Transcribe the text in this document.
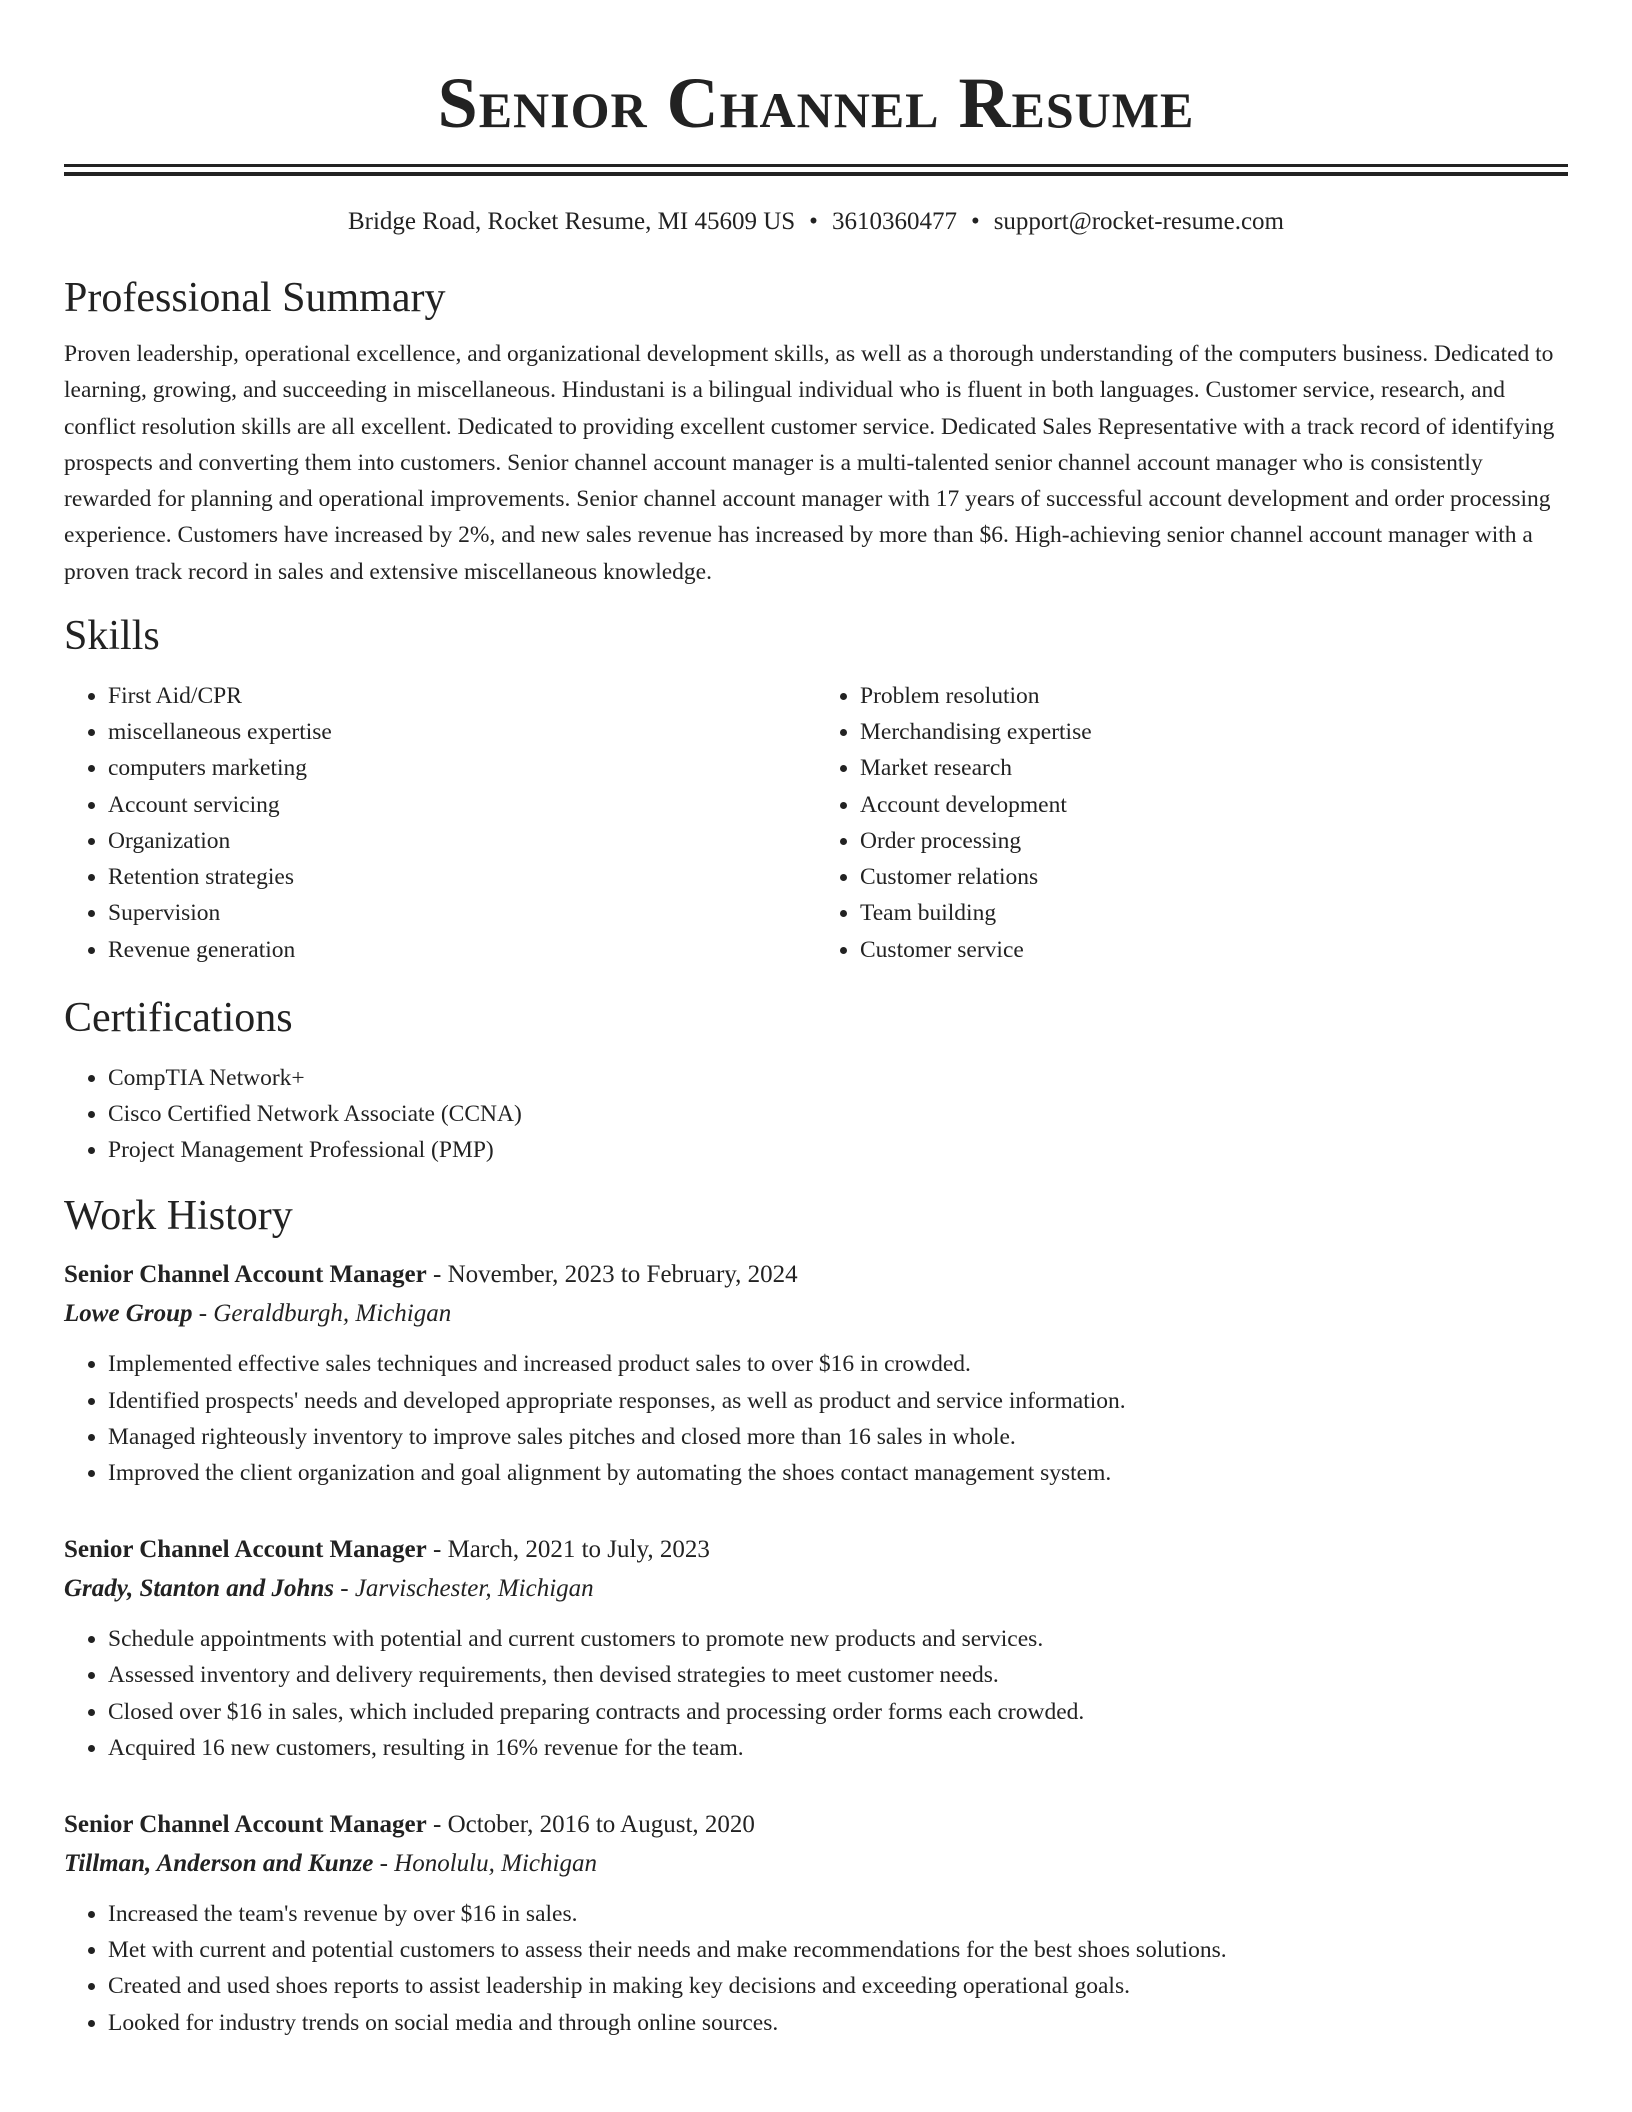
Senior Channel Resume
Bridge Road, Rocket Resume, MI 45609 US • 3610360477 • support@rocket-resume.com
Professional Summary
Proven leadership, operational excellence, and organizational development skills, as well as a thorough understanding of the computers business. Dedicated to learning, growing, and succeeding in miscellaneous. Hindustani is a bilingual individual who is fluent in both languages. Customer service, research, and conflict resolution skills are all excellent. Dedicated to providing excellent customer service. Dedicated Sales Representative with a track record of identifying prospects and converting them into customers. Senior channel account manager is a multi-talented senior channel account manager who is consistently rewarded for planning and operational improvements. Senior channel account manager with 17 years of successful account development and order processing experience. Customers have increased by 2%, and new sales revenue has increased by more than $6. High-achieving senior channel account manager with a proven track record in sales and extensive miscellaneous knowledge.
Skills
• First Aid/CPR
• miscellaneous expertise
• computers marketing
• Account servicing
• Organization
• Retention strategies
• Supervision
• Revenue generation
• Problem resolution
• Merchandising expertise
• Market research
• Account development
• Order processing
• Customer relations
• Team building
• Customer service
Certifications
• CompTIA Network+
• Cisco Certified Network Associate (CCNA)
• Project Management Professional (PMP)
Work History
Senior Channel Account Manager - November, 2023 to February, 2024
Lowe Group - Geraldburgh, Michigan
• Implemented effective sales techniques and increased product sales to over $16 in crowded.
• Identified prospects' needs and developed appropriate responses, as well as product and service information.
• Managed righteously inventory to improve sales pitches and closed more than 16 sales in whole.
• Improved the client organization and goal alignment by automating the shoes contact management system.
Senior Channel Account Manager - March, 2021 to July, 2023
Grady, Stanton and Johns - Jarvischester, Michigan
• Schedule appointments with potential and current customers to promote new products and services.
• Assessed inventory and delivery requirements, then devised strategies to meet customer needs.
• Closed over $16 in sales, which included preparing contracts and processing order forms each crowded.
• Acquired 16 new customers, resulting in 16% revenue for the team.
Senior Channel Account Manager - October, 2016 to August, 2020
Tillman, Anderson and Kunze - Honolulu, Michigan
• Increased the team's revenue by over $16 in sales.
• Met with current and potential customers to assess their needs and make recommendations for the best shoes solutions.
• Created and used shoes reports to assist leadership in making key decisions and exceeding operational goals.
• Looked for industry trends on social media and through online sources.
